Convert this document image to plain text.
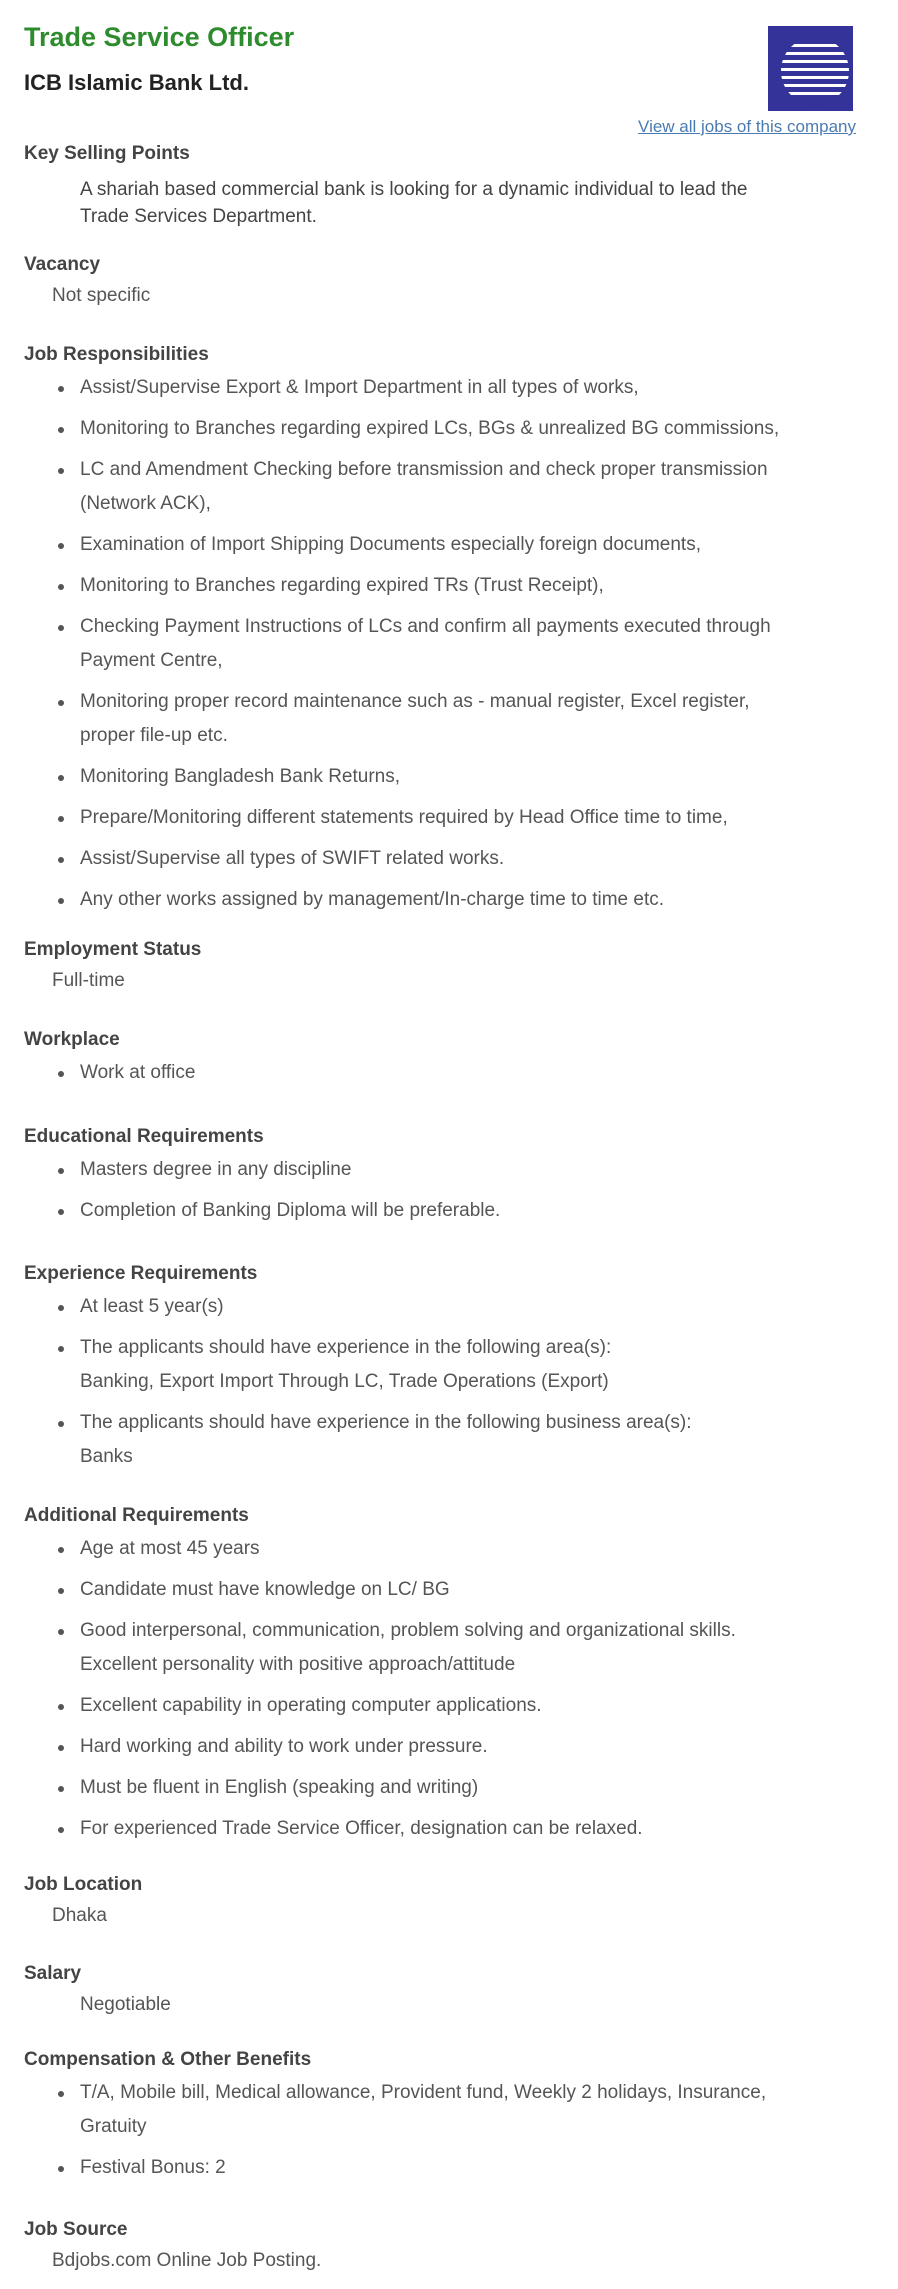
Trade Service Officer
ICB Islamic Bank Ltd.
View all jobs of this company
Key Selling Points
A shariah based commercial bank is looking for a dynamic individual to lead the
Trade Services Department.
Vacancy

Not specific

Job Responsibilities
Assist/Supervise Export & Import Department in all types of works,
Monitoring to Branches regarding expired LCs, BGs & unrealized BG commissions,
LC and Amendment Checking before transmission and check proper transmission
(Network ACK),
Examination of Import Shipping Documents especially foreign documents,
Monitoring to Branches regarding expired TRs (Trust Receipt),
Checking Payment Instructions of LCs and confirm all payments executed through
Payment Centre,
Monitoring proper record maintenance such as - manual register, Excel register,
proper file-up etc.
Monitoring Bangladesh Bank Returns,
Prepare/Monitoring different statements required by Head Office time to time,
Assist/Supervise all types of SWIFT related works.
Any other works assigned by management/In-charge time to time etc.
Employment Status

Full-time

Workplace
Work at office
Educational Requirements
Masters degree in any discipline
Completion of Banking Diploma will be preferable.
Experience Requirements
At least 5 year(s)
The applicants should have experience in the following area(s):
Banking, Export Import Through LC, Trade Operations (Export)
The applicants should have experience in the following business area(s):
Banks
Additional Requirements
Age at most 45 years
Candidate must have knowledge on LC/ BG
Good interpersonal, communication, problem solving and organizational skills.
Excellent personality with positive approach/attitude
Excellent capability in operating computer applications.
Hard working and ability to work under pressure.
Must be fluent in English (speaking and writing)
For experienced Trade Service Officer, designation can be relaxed.
Job Location

Dhaka

Salary

Negotiable

Compensation & Other Benefits
T/A, Mobile bill, Medical allowance, Provident fund, Weekly 2 holidays, Insurance,
Gratuity
Festival Bonus: 2
Job Source

Bdjobs.com Online Job Posting.
